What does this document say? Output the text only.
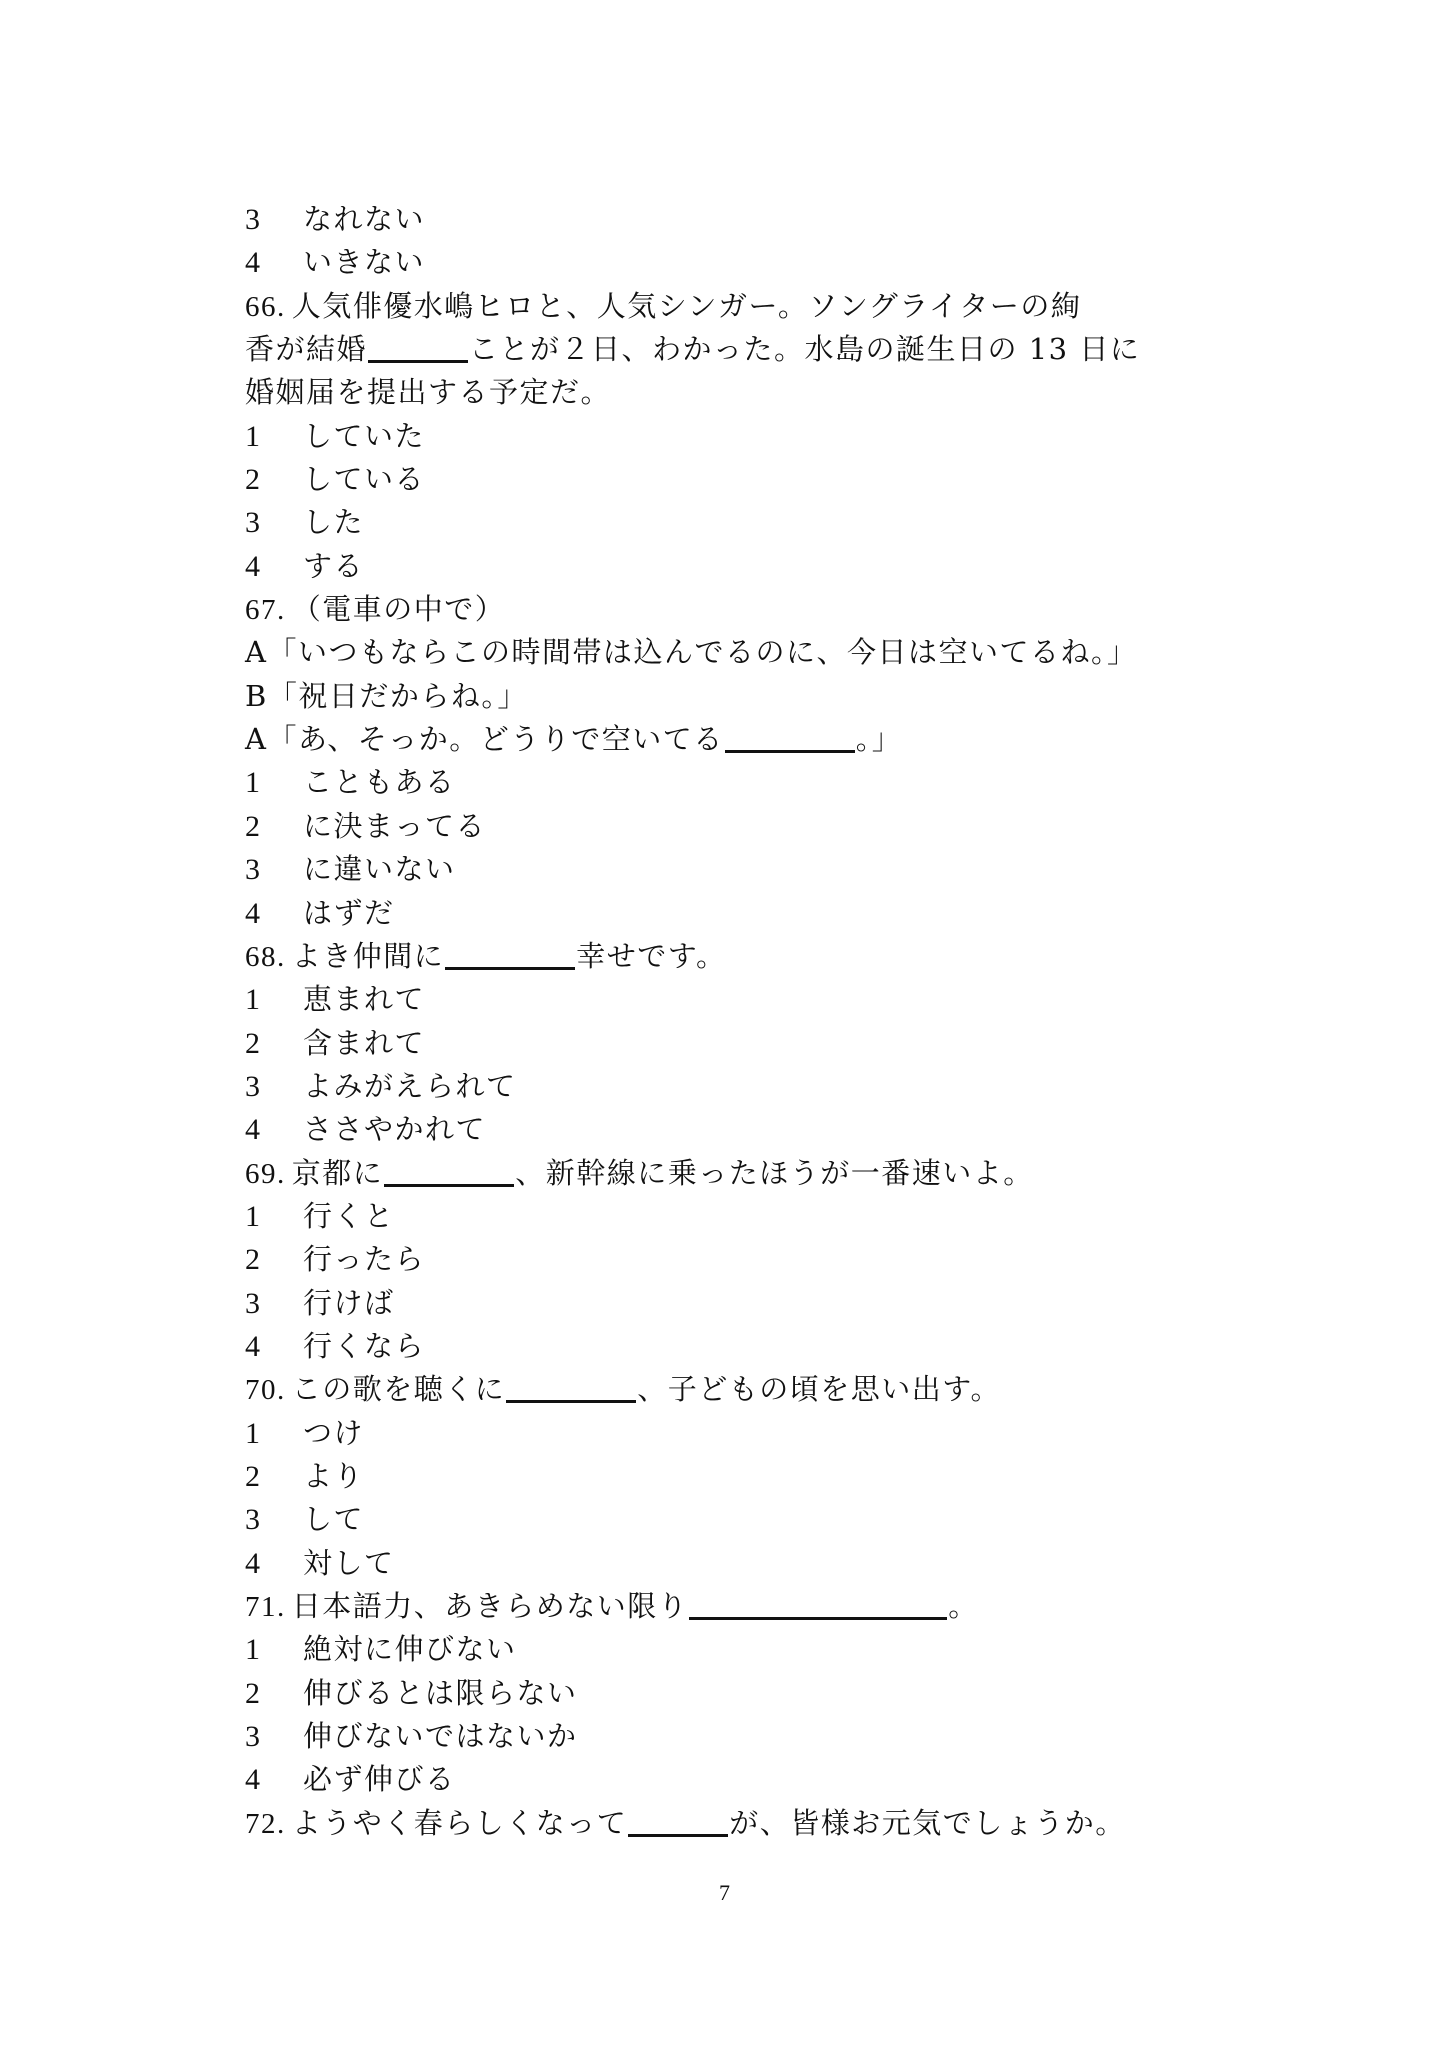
3 なれない
4 いきない
66. 人気俳優水嶋ヒロと、人気シンガー。ソングライターの絢
香が結婚	ことが２日、わかった。水島の誕生日の 13 日に
婚姻届を提出する予定だ。
1 していた
2 している
3 した
4 する
67. （電車の中で）
A「いつもならこの時間帯は込んでるのに、今日は空いてるね。」
B「祝日だからね。」
A「あ、そっか。どうりで空いてる	。」
1 こともある
2 に決まってる
3 に違いない
4 はずだ
68. よき仲間に	幸せです。
1 恵まれて
2 含まれて
3 よみがえられて
4 ささやかれて
69. 京都に	、新幹線に乗ったほうが一番速いよ。
1 行くと
2 行ったら
3 行けば
4 行くなら
70. この歌を聴くに	、子どもの頃を思い出す。
1 つけ
2 より
3 して
4 対して
71. 日本語力、あきらめない限り	。
1 絶対に伸びない
2 伸びるとは限らない
3 伸びないではないか
4 必ず伸びる
72. ようやく春らしくなって	が、皆様お元気でしょうか。
7
